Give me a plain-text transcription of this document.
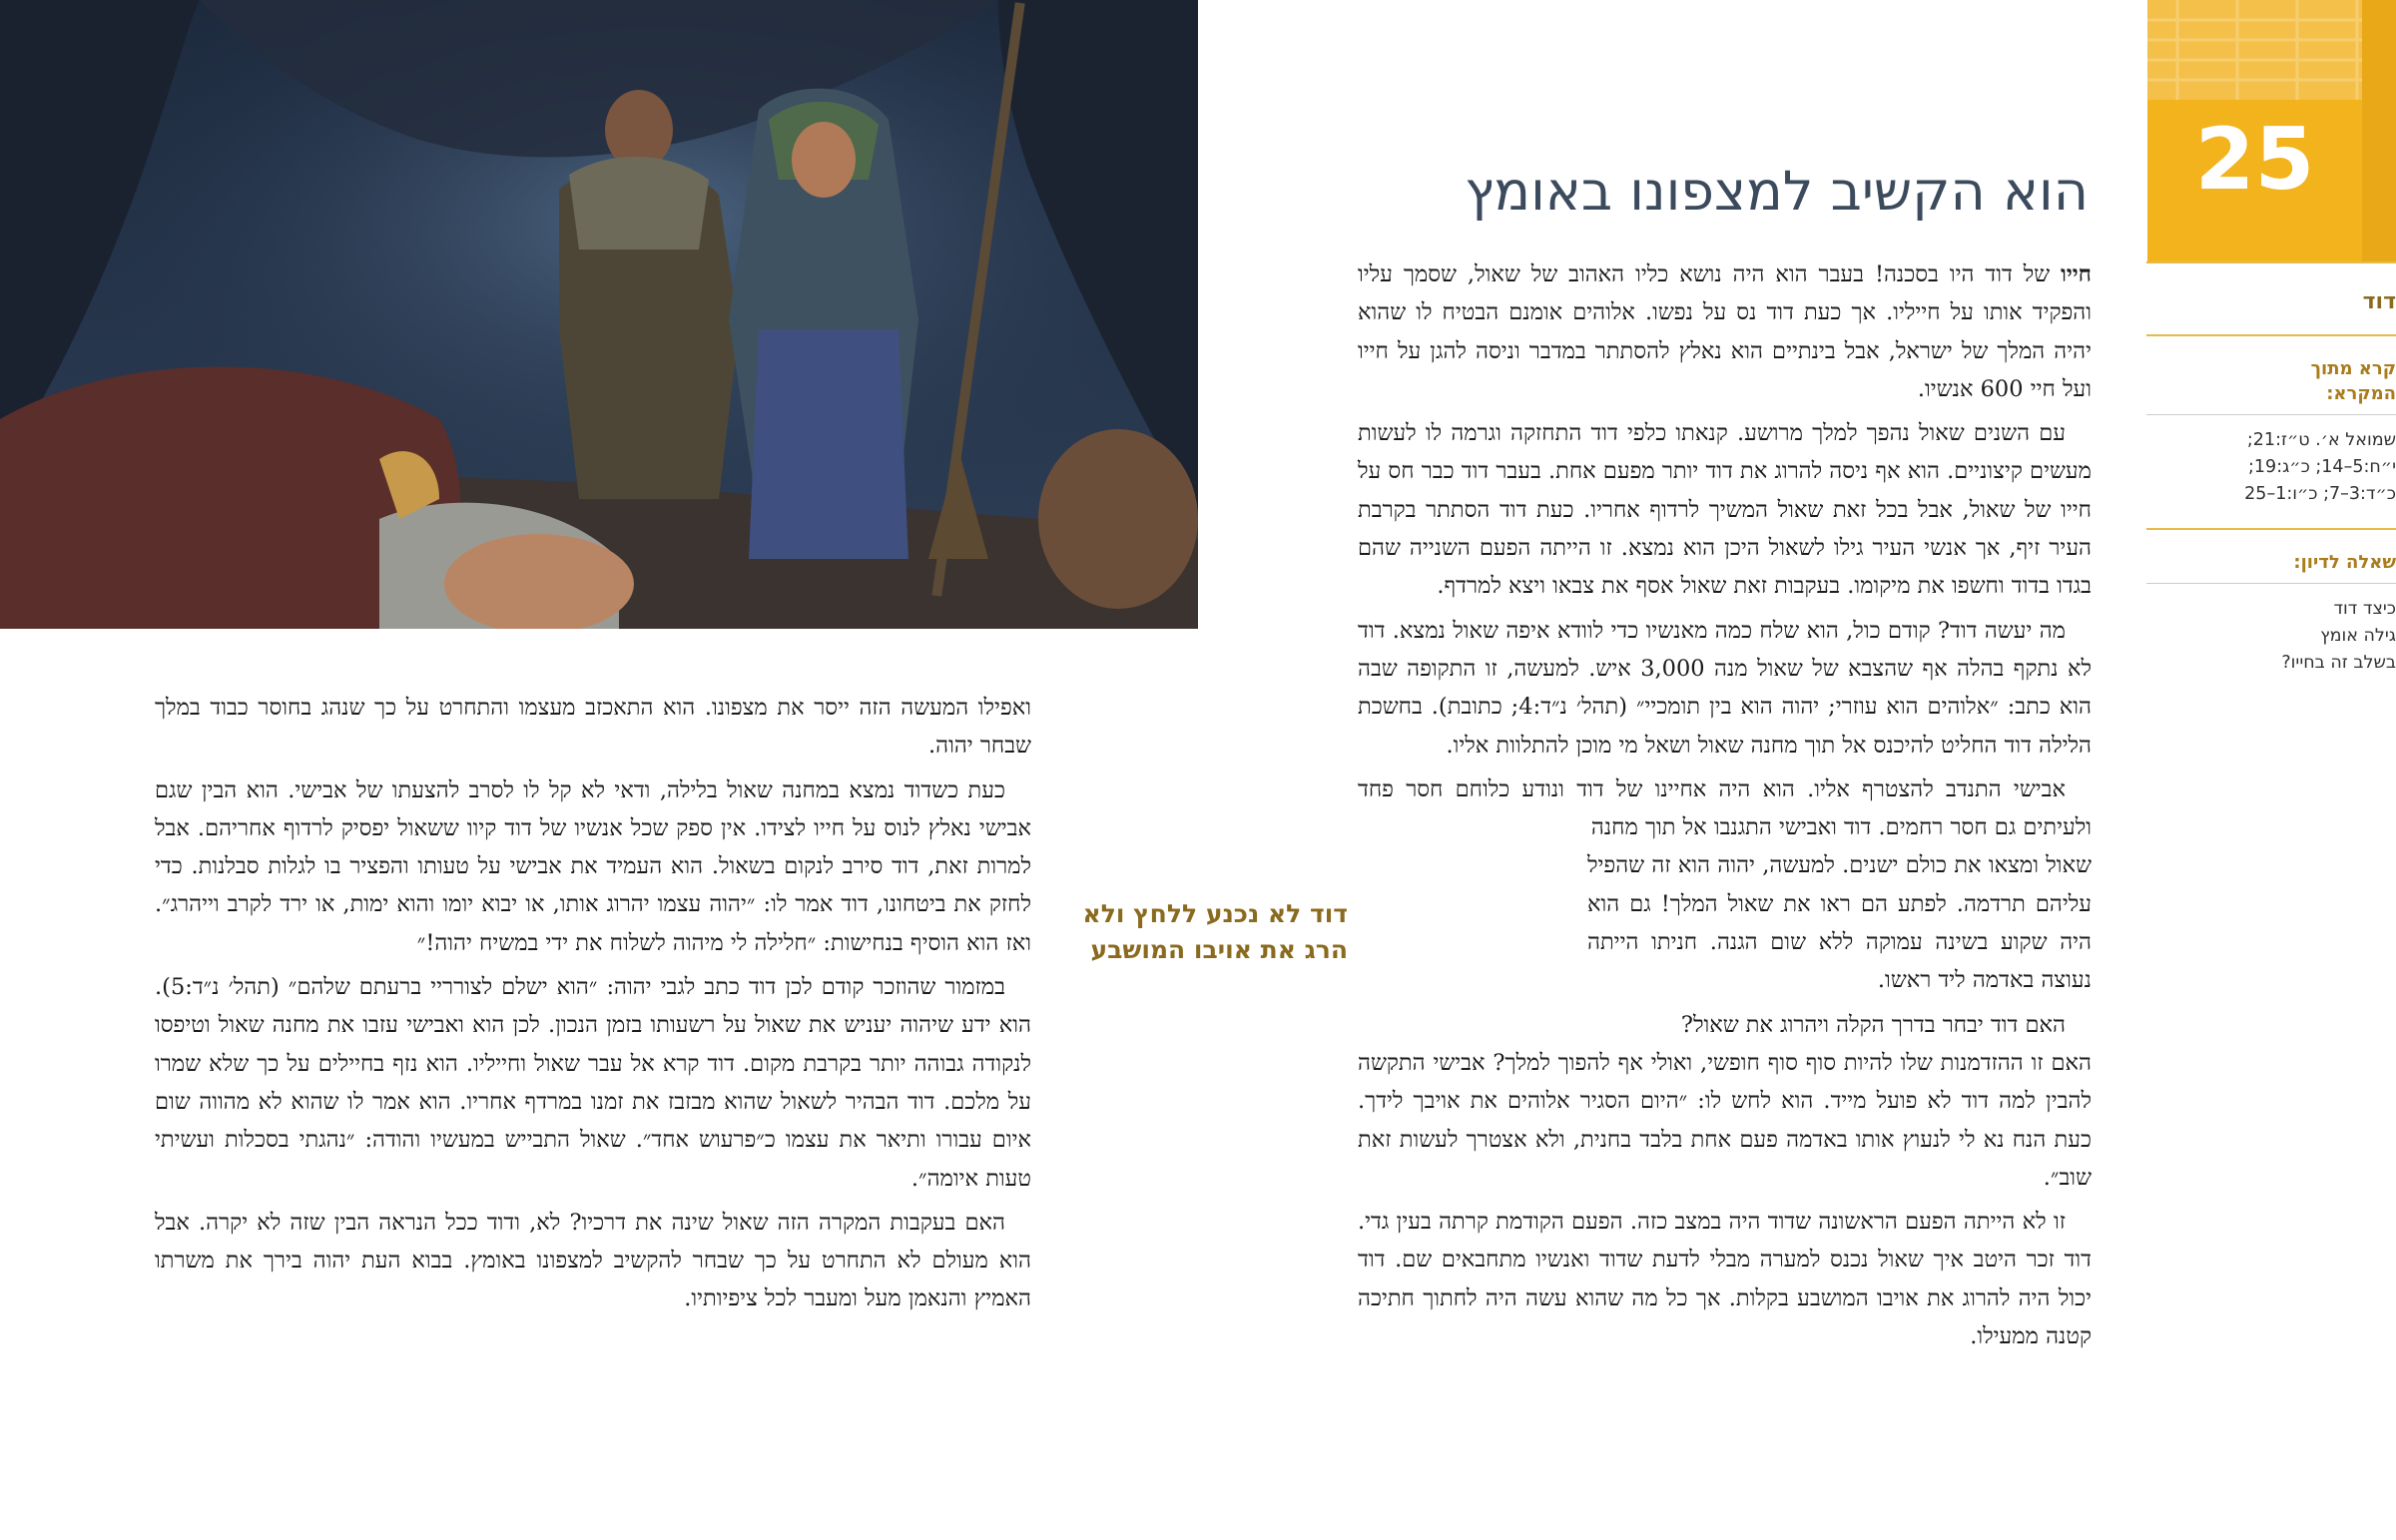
25
הוא הקשיב למצפונו באומץ
דוד
קרא מתוך המקרא:
שמואל א׳. ט״ז:21;
י״ח:5–14; כ״ג:19;
כ״ד:3–7; כ״ו:1–25
שאלה לדיון:
כיצד דוד
גילה אומץ
בשלב זה בחייו?

חייו של דוד היו בסכנה! בעבר הוא היה נושא כליו האהוב של שאול, שסמך עליו והפקיד אותו על חייליו. אך כעת דוד נס על נפשו. אלוהים אומנם הבטיח לו שהוא יהיה המלך של ישראל, אבל בינתיים הוא נאלץ להסתתר במדבר וניסה להגן על חייו ועל חיי 600 אנשיו.

עם השנים שאול נהפך למלך מרושע. קנאתו כלפי דוד התחזקה וגרמה לו לעשות מעשים קיצוניים. הוא אף ניסה להרוג את דוד יותר מפעם אחת. בעבר דוד כבר חס על חייו של שאול, אבל בכל זאת שאול המשיך לרדוף אחריו. כעת דוד הסתתר בקרבת העיר זיף, אך אנשי העיר גילו לשאול היכן הוא נמצא. זו הייתה הפעם השנייה שהם בגדו בדוד וחשפו את מיקומו. בעקבות זאת שאול אסף את צבאו ויצא למרדף.

מה יעשה דוד? קודם כול, הוא שלח כמה מאנשיו כדי לוודא איפה שאול נמצא. דוד לא נתקף בהלה אף שהצבא של שאול מנה 3,000 איש. למעשה, זו התקופה שבה הוא כתב: ״אלוהים הוא עוזרי; יהוה הוא בין תומכיי״ (תהל׳ נ״ד:4; כתובת). בחשכת הלילה דוד החליט להיכנס אל תוך מחנה שאול ושאל מי מוכן להתלוות אליו.

אבישי התנדב להצטרף אליו. הוא היה אחיינו של דוד ונודע כלוחם חסר פחד ולעיתים גם חסר רחמים. דוד ואבישי התגנבו אל תוך מחנה

דוד לא נכנע ללחץ ולא הרג את אויבו המושבע

שאול ומצאו את כולם ישנים. למעשה, יהוה הוא זה שהפיל עליהם תרדמה. לפתע הם ראו את שאול המלך! גם הוא היה שקוע בשינה עמוקה ללא שום הגנה. חניתו הייתה נעוצה באדמה ליד ראשו.

האם דוד יבחר בדרך הקלה ויהרוג את שאול?

האם זו ההזדמנות שלו להיות סוף סוף חופשי, ואולי אף להפוך למלך? אבישי התקשה להבין למה דוד לא פועל מייד. הוא לחש לו: ״היום הסגיר אלוהים את אויבך לידך. כעת הנח נא לי לנעוץ אותו באדמה פעם אחת בלבד בחנית, ולא אצטרך לעשות זאת שוב״.

זו לא הייתה הפעם הראשונה שדוד היה במצב כזה. הפעם הקודמת קרתה בעין גדי. דוד זכר היטב איך שאול נכנס למערה מבלי לדעת שדוד ואנשיו מתחבאים שם. דוד יכול היה להרוג את אויבו המושבע בקלות. אך כל מה שהוא עשה היה לחתוך חתיכה קטנה ממעילו.

ואפילו המעשה הזה ייסר את מצפונו. הוא התאכזב מעצמו והתחרט על כך שנהג בחוסר כבוד במלך שבחר יהוה.

כעת כשדוד נמצא במחנה שאול בלילה, ודאי לא קל לו לסרב להצעתו של אבישי. הוא הבין שגם אבישי נאלץ לנוס על חייו לצידו. אין ספק שכל אנשיו של דוד קיוו ששאול יפסיק לרדוף אחריהם. אבל למרות זאת, דוד סירב לנקום בשאול. הוא העמיד את אבישי על טעותו והפציר בו לגלות סבלנות. כדי לחזק את ביטחונו, דוד אמר לו: ״יהוה עצמו יהרוג אותו, או יבוא יומו והוא ימות, או ירד לקרב וייהרג״. ואז הוא הוסיף בנחישות: ״חלילה לי מיהוה לשלוח את ידי במשיח יהוה!״

במזמור שהוזכר קודם לכן דוד כתב לגבי יהוה: ״הוא ישלם לצורריי ברעתם שלהם״ (תהל׳ נ״ד:5). הוא ידע שיהוה יעניש את שאול על רשעותו בזמן הנכון. לכן הוא ואבישי עזבו את מחנה שאול וטיפסו לנקודה גבוהה יותר בקרבת מקום. דוד קרא אל עבר שאול וחייליו. הוא נזף בחיילים על כך שלא שמרו על מלכם. דוד הבהיר לשאול שהוא מבזבז את זמנו במרדף אחריו. הוא אמר לו שהוא לא מהווה שום איום עבורו ותיאר את עצמו כ״פרעוש אחד״. שאול התבייש במעשיו והודה: ״נהגתי בסכלות ועשיתי טעות איומה״.

האם בעקבות המקרה הזה שאול שינה את דרכיו? לא, ודוד ככל הנראה הבין שזה לא יקרה. אבל הוא מעולם לא התחרט על כך שבחר להקשיב למצפונו באומץ. בבוא העת יהוה בירך את משרתו האמיץ והנאמן מעל ומעבר לכל ציפיותיו.
